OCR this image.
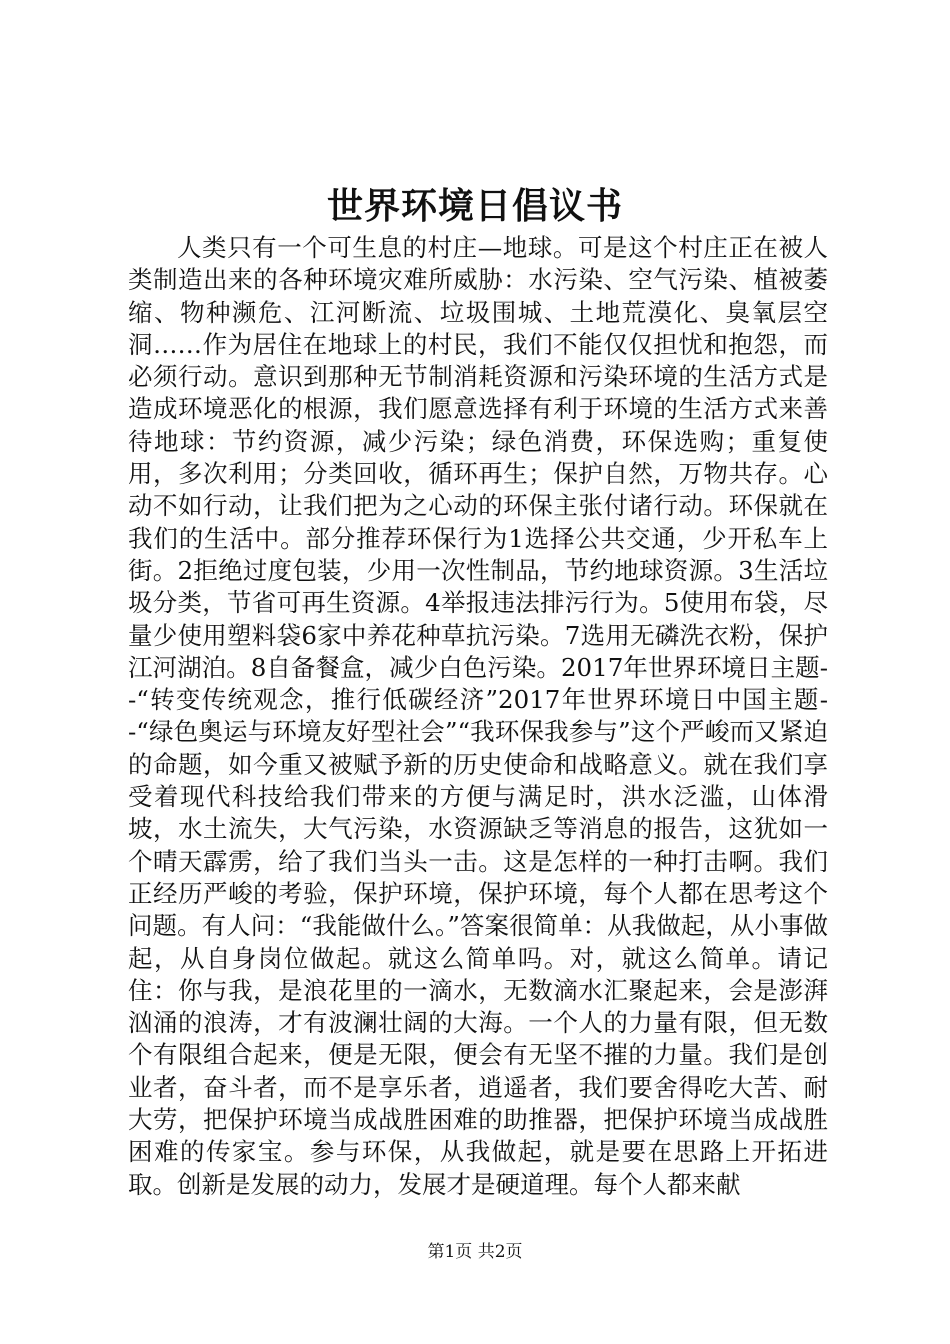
世界环境日倡议书

人类只有一个可生息的村庄—地球。可是这个村庄正在被人类制造出来的各种环境灾难所威胁：水污染、空气污染、植被萎缩、物种濒危、江河断流、垃圾围城、土地荒漠化、臭氧层空洞……作为居住在地球上的村民，我们不能仅仅担忧和抱怨，而必须行动。意识到那种无节制消耗资源和污染环境的生活方式是造成环境恶化的根源，我们愿意选择有利于环境的生活方式来善待地球：节约资源，减少污染；绿色消费，环保选购；重复使用，多次利用；分类回收，循环再生；保护自然，万物共存。心动不如行动，让我们把为之心动的环保主张付诸行动。环保就在我们的生活中。部分推荐环保行为1选择公共交通，少开私车上街。2拒绝过度包装，少用一次性制品，节约地球资源。3生活垃圾分类，节省可再生资源。4举报违法排污行为。5使用布袋，尽量少使用塑料袋6家中养花种草抗污染。7选用无磷洗衣粉，保护江河湖泊。8自备餐盒，减少白色污染。2017年世界环境日主题--“转变传统观念，推行低碳经济”2017年世界环境日中国主题--“绿色奥运与环境友好型社会”“我环保我参与”这个严峻而又紧迫的命题，如今重又被赋予新的历史使命和战略意义。就在我们享受着现代科技给我们带来的方便与满足时，洪水泛滥，山体滑坡，水土流失，大气污染，水资源缺乏等消息的报告，这犹如一个晴天霹雳，给了我们当头一击。这是怎样的一种打击啊。我们正经历严峻的考验，保护环境，保护环境，每个人都在思考这个问题。有人问：“我能做什么。”答案很简单：从我做起，从小事做起，从自身岗位做起。就这么简单吗。对，就这么简单。请记住：你与我，是浪花里的一滴水，无数滴水汇聚起来，会是澎湃汹涌的浪涛，才有波澜壮阔的大海。一个人的力量有限，但无数个有限组合起来，便是无限，便会有无坚不摧的力量。我们是创业者，奋斗者，而不是享乐者，逍遥者，我们要舍得吃大苦、耐大劳，把保护环境当成战胜困难的助推器，把保护环境当成战胜困难的传家宝。参与环保，从我做起，就是要在思路上开拓进取。创新是发展的动力，发展才是硬道理。每个人都来献

第1页 共2页
